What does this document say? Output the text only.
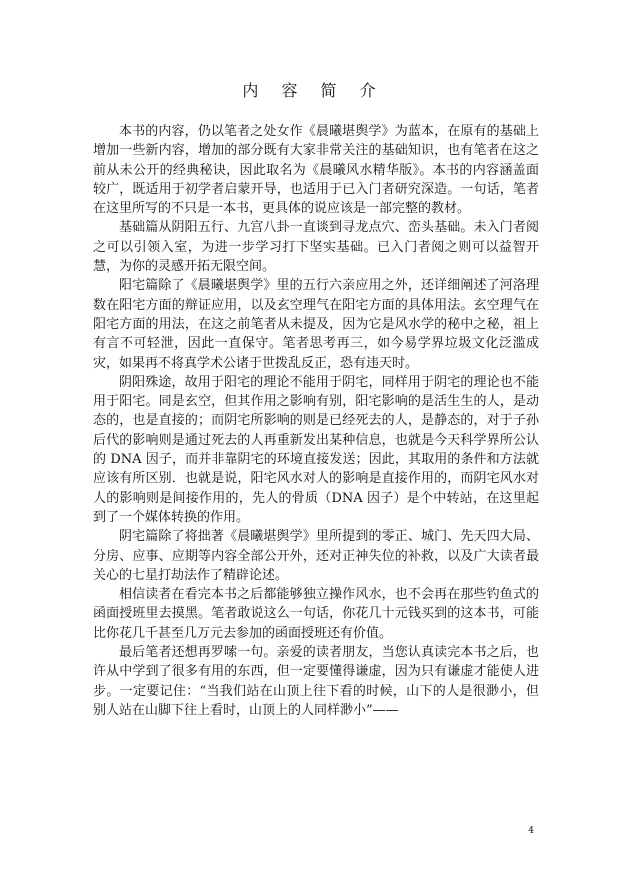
内 容 简 介

本书的内容，仍以笔者之处女作《晨曦堪舆学》为蓝本，在原有的基础上增加一些新内容，增加的部分既有大家非常关注的基础知识，也有笔者在这之前从未公开的经典秘诀，因此取名为《晨曦风水精华版》。本书的内容涵盖面较广，既适用于初学者启蒙开导，也适用于已入门者研究深造。一句话，笔者在这里所写的不只是一本书，更具体的说应该是一部完整的教材。

基础篇从阴阳五行、九宫八卦一直谈到寻龙点穴、峦头基础。未入门者阅之可以引领入室，为进一步学习打下坚实基础。已入门者阅之则可以益智开慧，为你的灵感开拓无限空间。

阳宅篇除了《晨曦堪舆学》里的五行六亲应用之外，还详细阐述了河洛理数在阳宅方面的辩证应用，以及玄空理气在阳宅方面的具体用法。玄空理气在阳宅方面的用法，在这之前笔者从未提及，因为它是风水学的秘中之秘，祖上有言不可轻泄，因此一直保守。笔者思考再三，如今易学界垃圾文化泛滥成灾，如果再不将真学术公诸于世拨乱反正，恐有违天时。

阴阳殊途，故用于阳宅的理论不能用于阴宅，同样用于阴宅的理论也不能用于阳宅。同是玄空，但其作用之影响有别，阳宅影响的是活生生的人，是动态的，也是直接的；而阴宅所影响的则是已经死去的人，是静态的，对于子孙后代的影响则是通过死去的人再重新发出某种信息，也就是今天科学界所公认的 DNA 因子，而并非靠阴宅的环境直接发送；因此，其取用的条件和方法就应该有所区别．也就是说，阳宅风水对人的影响是直接作用的，而阴宅风水对人的影响则是间接作用的，先人的骨质（DNA 因子）是个中转站，在这里起到了一个媒体转换的作用。

阴宅篇除了将拙著《晨曦堪舆学》里所提到的零正、城门、先天四大局、分房、应事、应期等内容全部公开外，还对正神失位的补救，以及广大读者最关心的七星打劫法作了精辟论述。

相信读者在看完本书之后都能够独立操作风水，也不会再在那些钓鱼式的函面授班里去摸黑。笔者敢说这么一句话，你花几十元钱买到的这本书，可能比你花几千甚至几万元去参加的函面授班还有价值。

最后笔者还想再罗嗦一句。亲爱的读者朋友，当您认真读完本书之后，也许从中学到了很多有用的东西，但一定要懂得谦虚，因为只有谦虚才能使人进步。一定要记住：“当我们站在山顶上往下看的时候，山下的人是很渺小，但别人站在山脚下往上看时，山顶上的人同样渺小”——

4
